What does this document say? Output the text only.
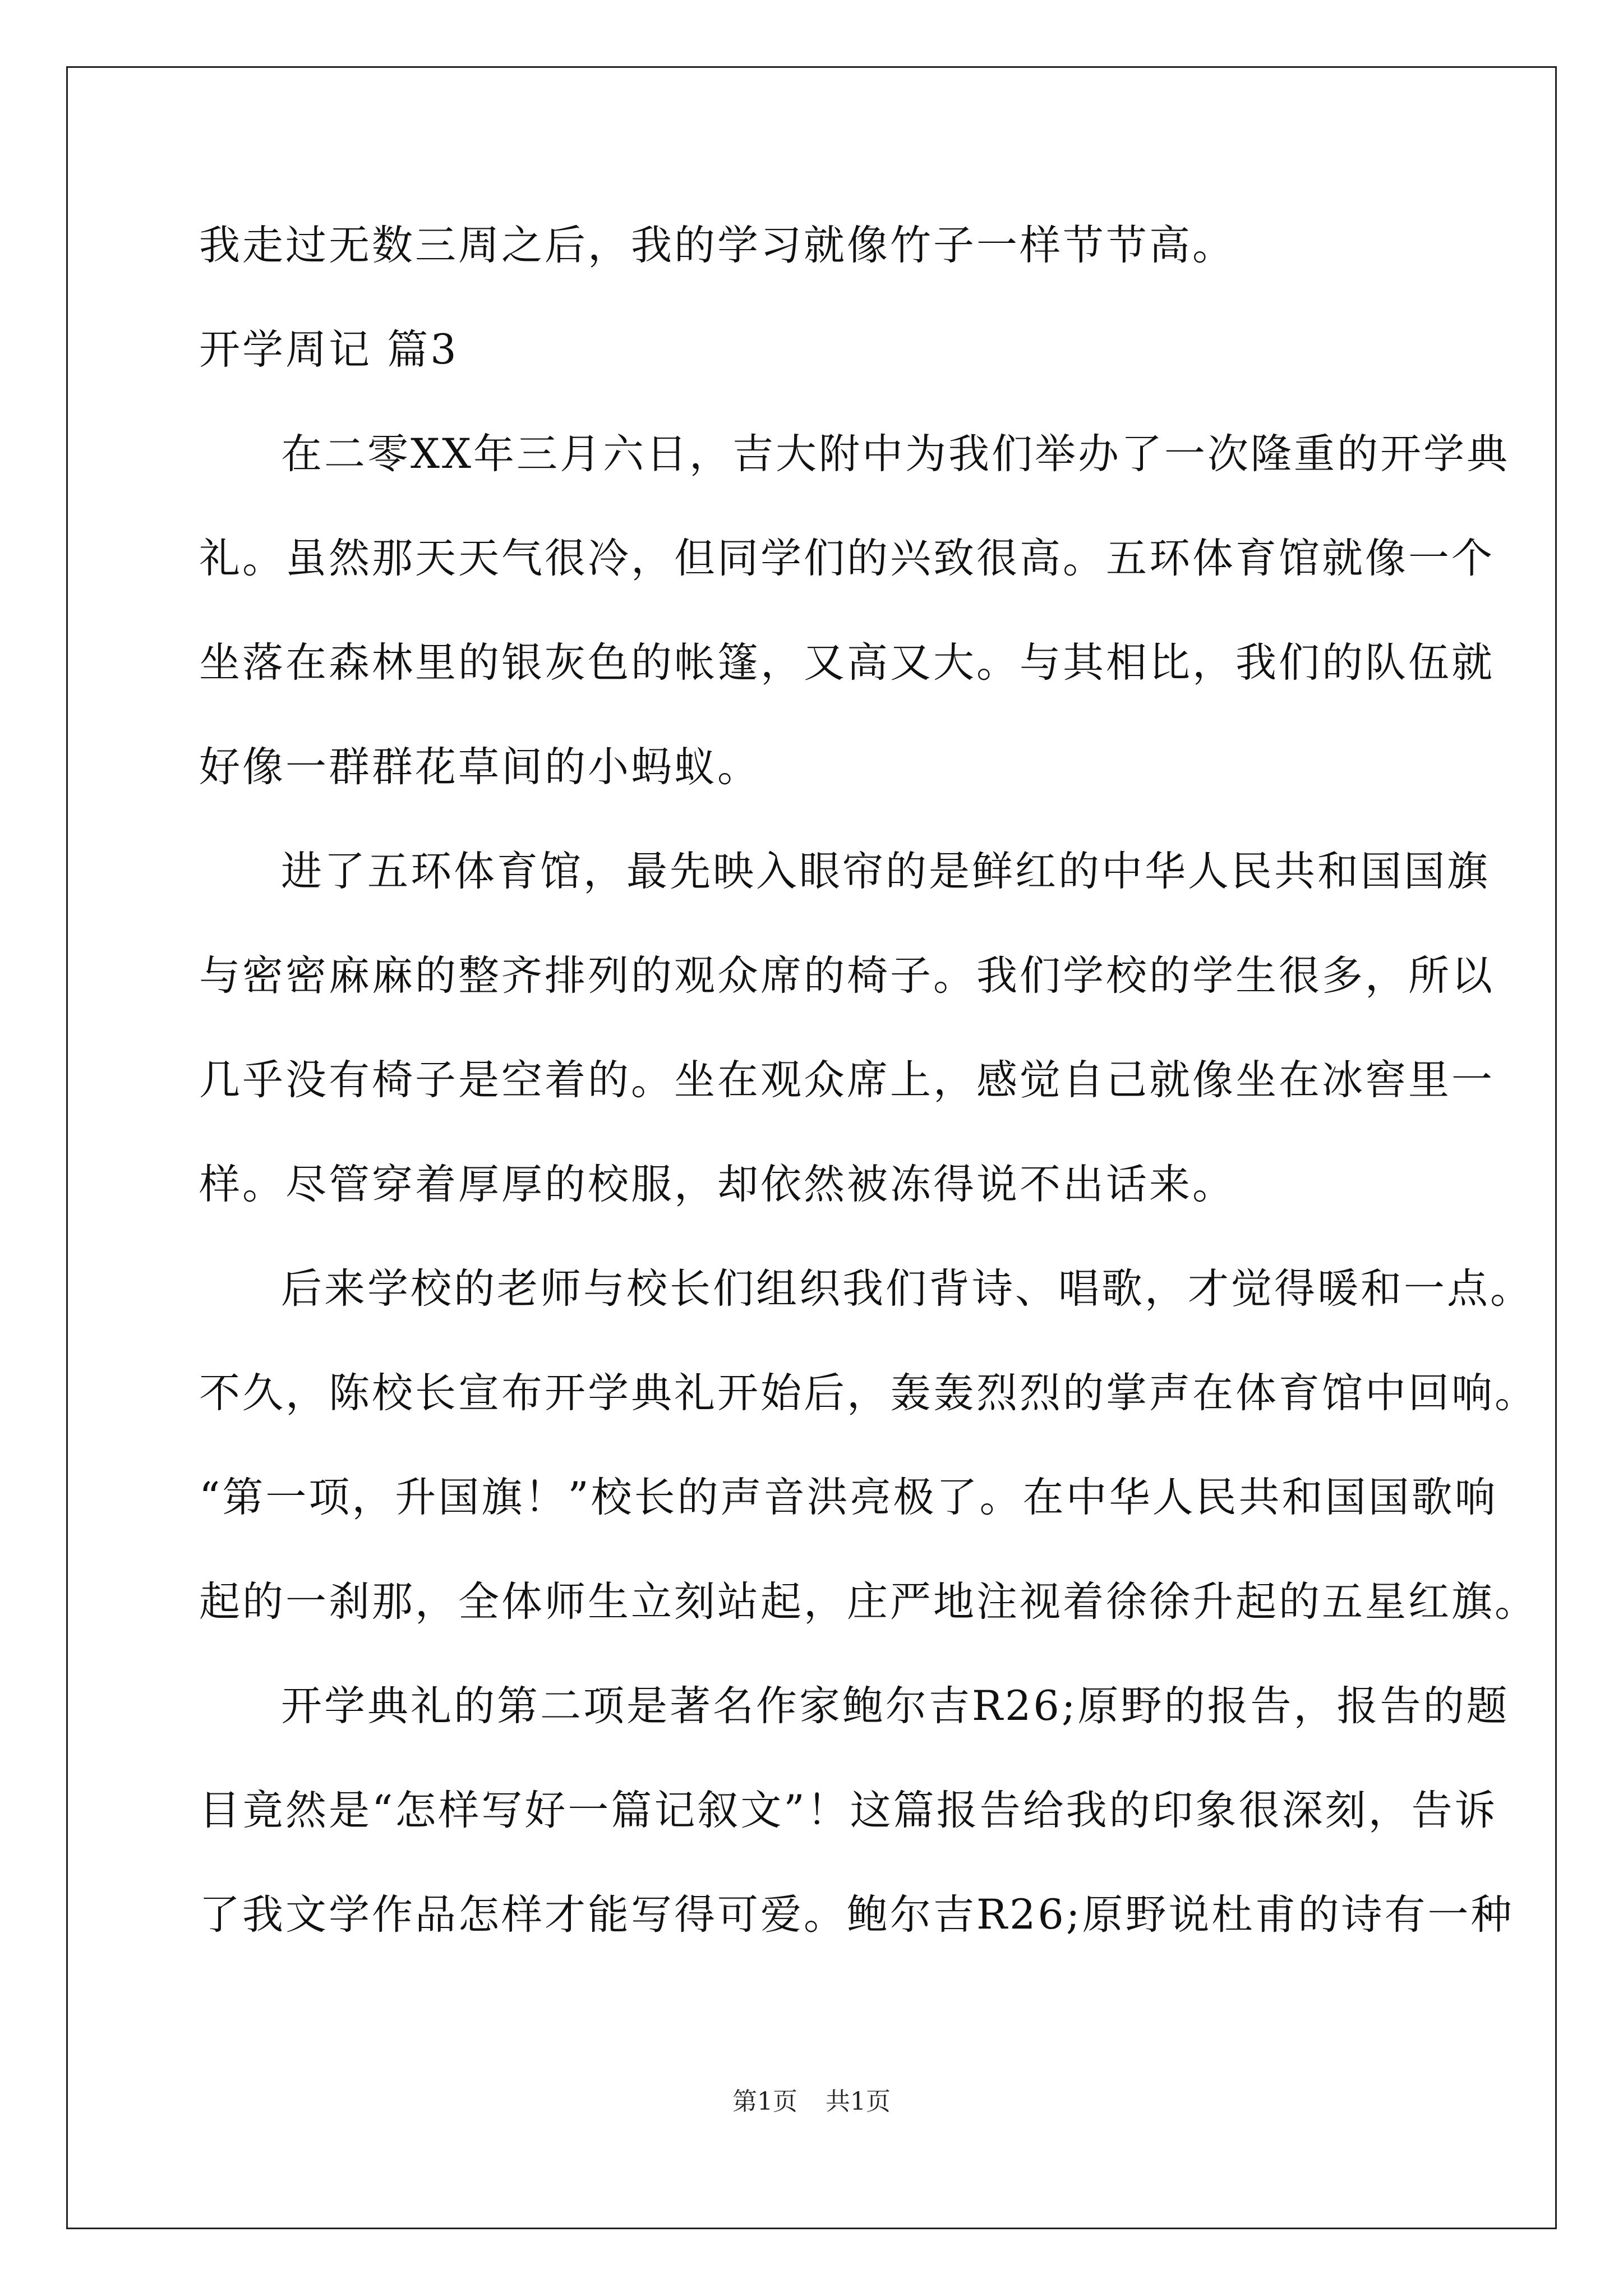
我走过无数三周之后，我的学习就像竹子一样节节高。
开学周记 篇3
在二零XX年三月六日，吉大附中为我们举办了一次隆重的开学典
礼。虽然那天天气很冷，但同学们的兴致很高。五环体育馆就像一个
坐落在森林里的银灰色的帐篷，又高又大。与其相比，我们的队伍就
好像一群群花草间的小蚂蚁。
进了五环体育馆，最先映入眼帘的是鲜红的中华人民共和国国旗
与密密麻麻的整齐排列的观众席的椅子。我们学校的学生很多，所以
几乎没有椅子是空着的。坐在观众席上，感觉自己就像坐在冰窖里一
样。尽管穿着厚厚的校服，却依然被冻得说不出话来。
后来学校的老师与校长们组织我们背诗、唱歌，才觉得暖和一点。
不久，陈校长宣布开学典礼开始后，轰轰烈烈的掌声在体育馆中回响。
“第一项，升国旗！”校长的声音洪亮极了。在中华人民共和国国歌响
起的一刹那，全体师生立刻站起，庄严地注视着徐徐升起的五星红旗。
开学典礼的第二项是著名作家鲍尔吉R26;原野的报告，报告的题
目竟然是“怎样写好一篇记叙文”！这篇报告给我的印象很深刻，告诉
了我文学作品怎样才能写得可爱。鲍尔吉R26;原野说杜甫的诗有一种
第1页 共1页
